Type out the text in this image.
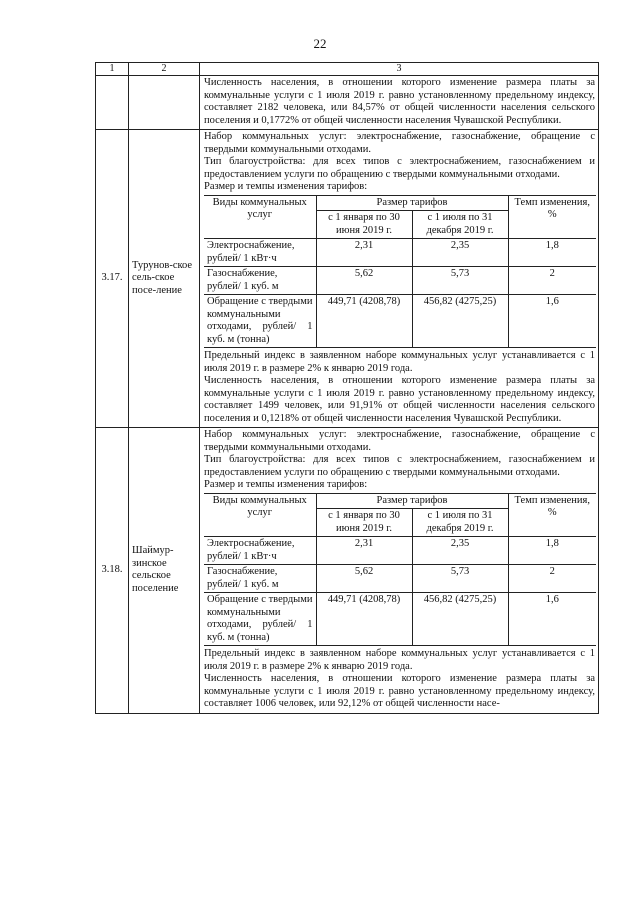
22
1	2	3

Численность населения, в отношении которого изменение размера платы за коммунальные услуги с 1 июля 2019 г. равно установленному предельному индексу, составляет 2182 человека, или 84,57% от общей численности населения сельского поселения и 0,1772% от общей численности населения Чувашской Республики.

3.17.	Турунов-ское сель-ское посе-ление	
Набор коммунальных услуг: электроснабжение, газоснабжение, обращение с твердыми коммунальными отходами.
Тип благоустройства: для всех типов с электроснабжением, газоснабжением и предоставлением услуги по обращению с твердыми коммунальными отходами.
Размер и темпы изменения тарифов:
Виды коммунальных услуг	Размер тарифов	Темп изменения, %
с 1 января по 30 июня 2019 г.	с 1 июля по 31 декабря 2019 г.
Электроснабжение, рублей/ 1 кВт·ч	2,31	2,35	1,8
Газоснабжение, рублей/ 1 куб. м	5,62	5,73	2
Обращение с твердыми коммунальными отходами, рублей/ 1 куб. м (тонна)	449,71 (4208,78)	456,82 (4275,25)	1,6
Предельный индекс в заявленном наборе коммунальных услуг устанавливается с 1 июля 2019 г. в размере 2% к январю 2019 года.
Численность населения, в отношении которого изменение размера платы за коммунальные услуги с 1 июля 2019 г. равно установленному предельному индексу, составляет 1499 человек, или 91,91% от общей численности населения сельского поселения и 0,1218% от общей численности населения Чувашской Республики.

3.18.	Шаймур-зинское сельское поселение	
Набор коммунальных услуг: электроснабжение, газоснабжение, обращение с твердыми коммунальными отходами.
Тип благоустройства: для всех типов с электроснабжением, газоснабжением и предоставлением услуги по обращению с твердыми коммунальными отходами.
Размер и темпы изменения тарифов:
Виды коммунальных услуг	Размер тарифов	Темп изменения, %
с 1 января по 30 июня 2019 г.	с 1 июля по 31 декабря 2019 г.
Электроснабжение, рублей/ 1 кВт·ч	2,31	2,35	1,8
Газоснабжение, рублей/ 1 куб. м	5,62	5,73	2
Обращение с твердыми коммунальными отходами, рублей/ 1 куб. м (тонна)	449,71 (4208,78)	456,82 (4275,25)	1,6
Предельный индекс в заявленном наборе коммунальных услуг устанавливается с 1 июля 2019 г. в размере 2% к январю 2019 года.
Численность населения, в отношении которого изменение размера платы за коммунальные услуги с 1 июля 2019 г. равно установленному предельному индексу, составляет 1006 человек, или 92,12% от общей численности насе-
